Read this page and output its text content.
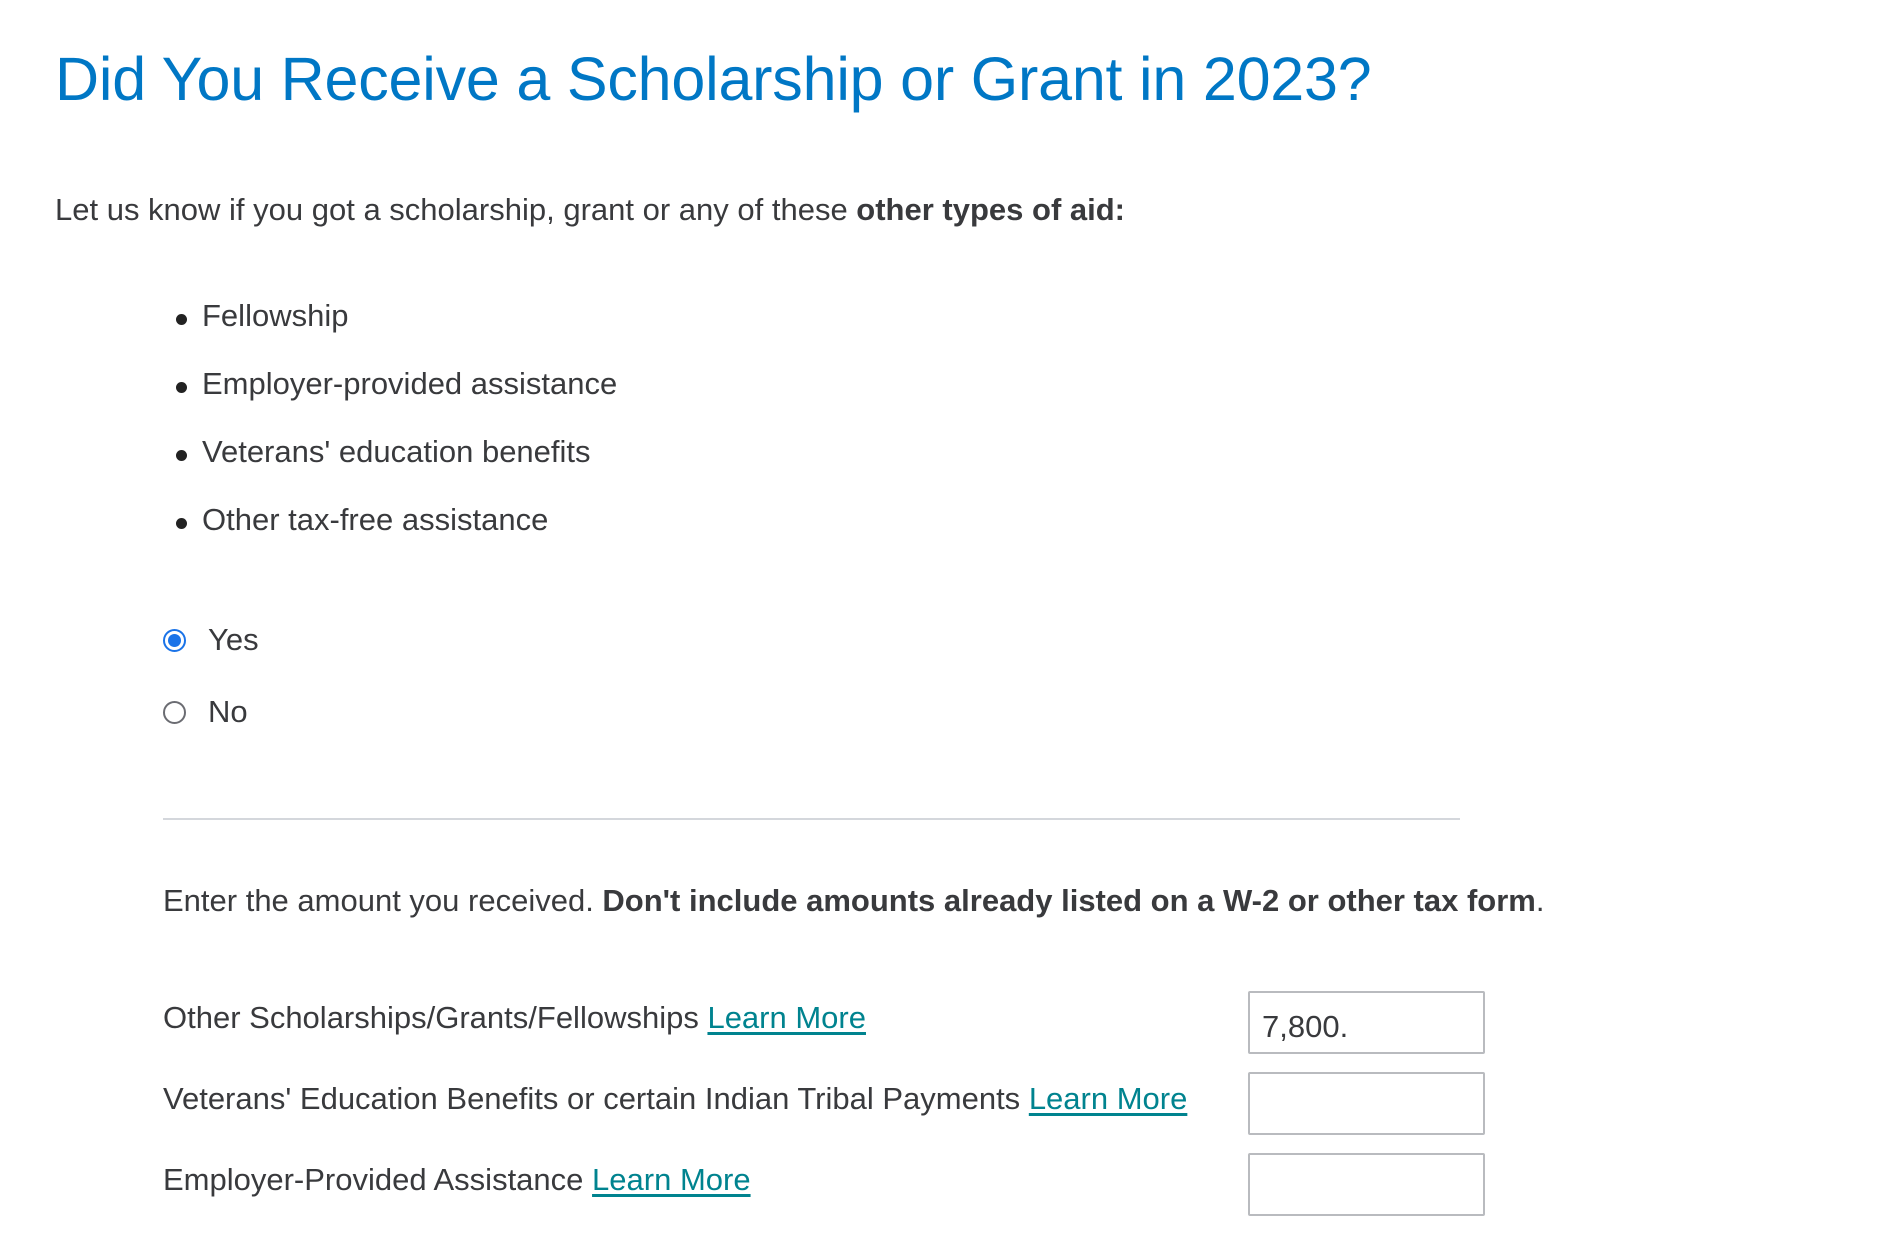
Did You Receive a Scholarship or Grant in 2023?
Let us know if you got a scholarship, grant or any of these other types of aid:
Fellowship
Employer-provided assistance
Veterans' education benefits
Other tax-free assistance
Yes
No
Enter the amount you received. Don't include amounts already listed on a W-2 or other tax form.
Other Scholarships/Grants/Fellowships Learn More
7,800.
Veterans' Education Benefits or certain Indian Tribal Payments Learn More
Employer-Provided Assistance Learn More
